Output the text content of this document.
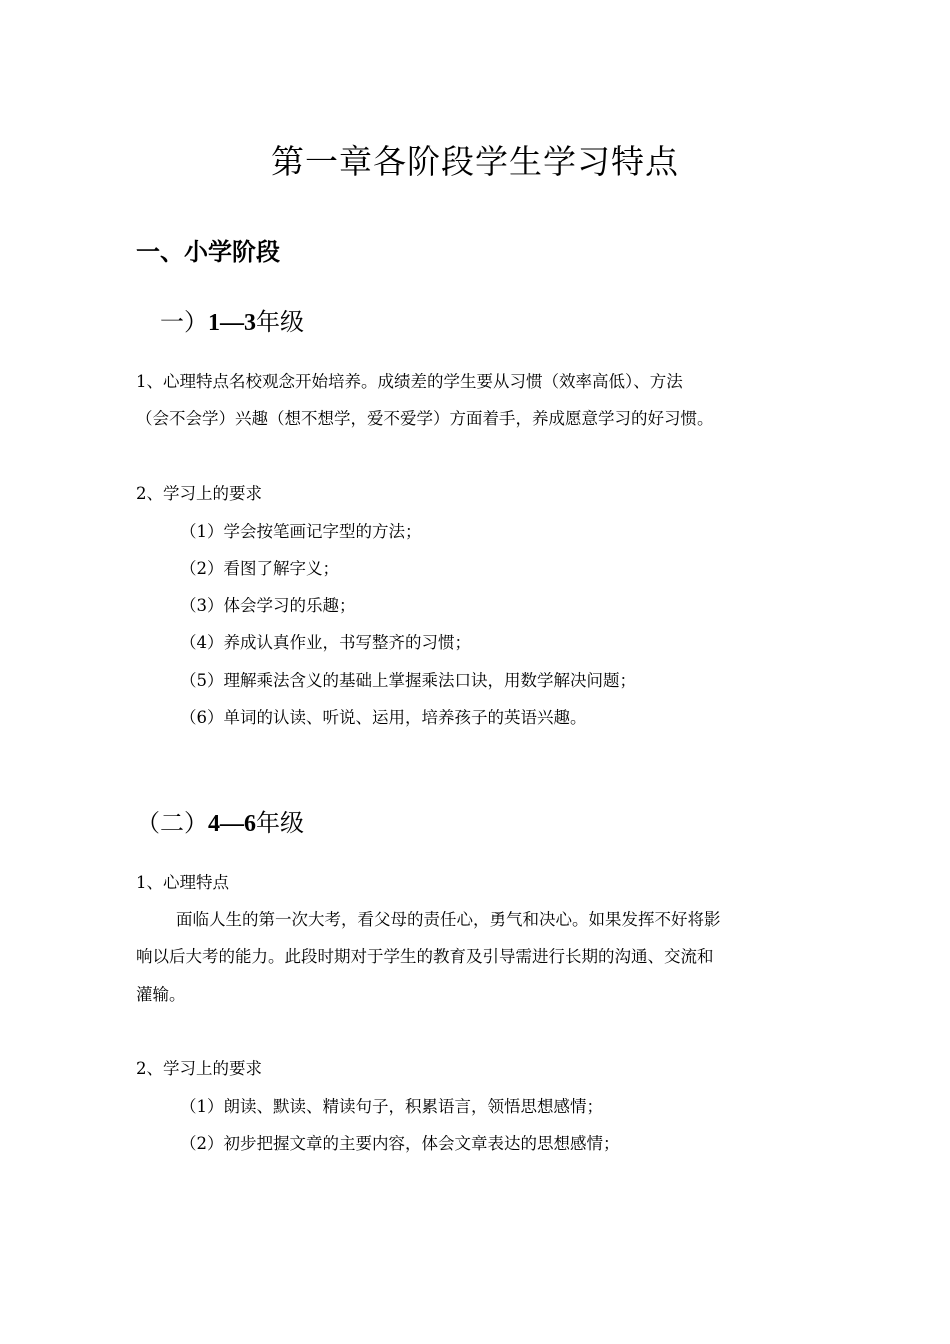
第一章各阶段学生学习特点
一、小学阶段
一）1—3年级

1、心理特点名校观念开始培养。成绩差的学生要从习惯（效率高低）、方法

（会不会学）兴趣（想不想学，爱不爱学）方面着手，养成愿意学习的好习惯。

2、学习上的要求

（1）学会按笔画记字型的方法；

（2）看图了解字义；

（3）体会学习的乐趣；

（4）养成认真作业，书写整齐的习惯；

（5）理解乘法含义的基础上掌握乘法口诀，用数学解决问题；

（6）单词的认读、听说、运用，培养孩子的英语兴趣。

（二）4—6年级

1、心理特点

面临人生的第一次大考，看父母的责任心，勇气和决心。如果发挥不好将影

响以后大考的能力。此段时期对于学生的教育及引导需进行长期的沟通、交流和

灌输。

2、学习上的要求

（1）朗读、默读、精读句子，积累语言，领悟思想感情；

（2）初步把握文章的主要内容，体会文章表达的思想感情；
